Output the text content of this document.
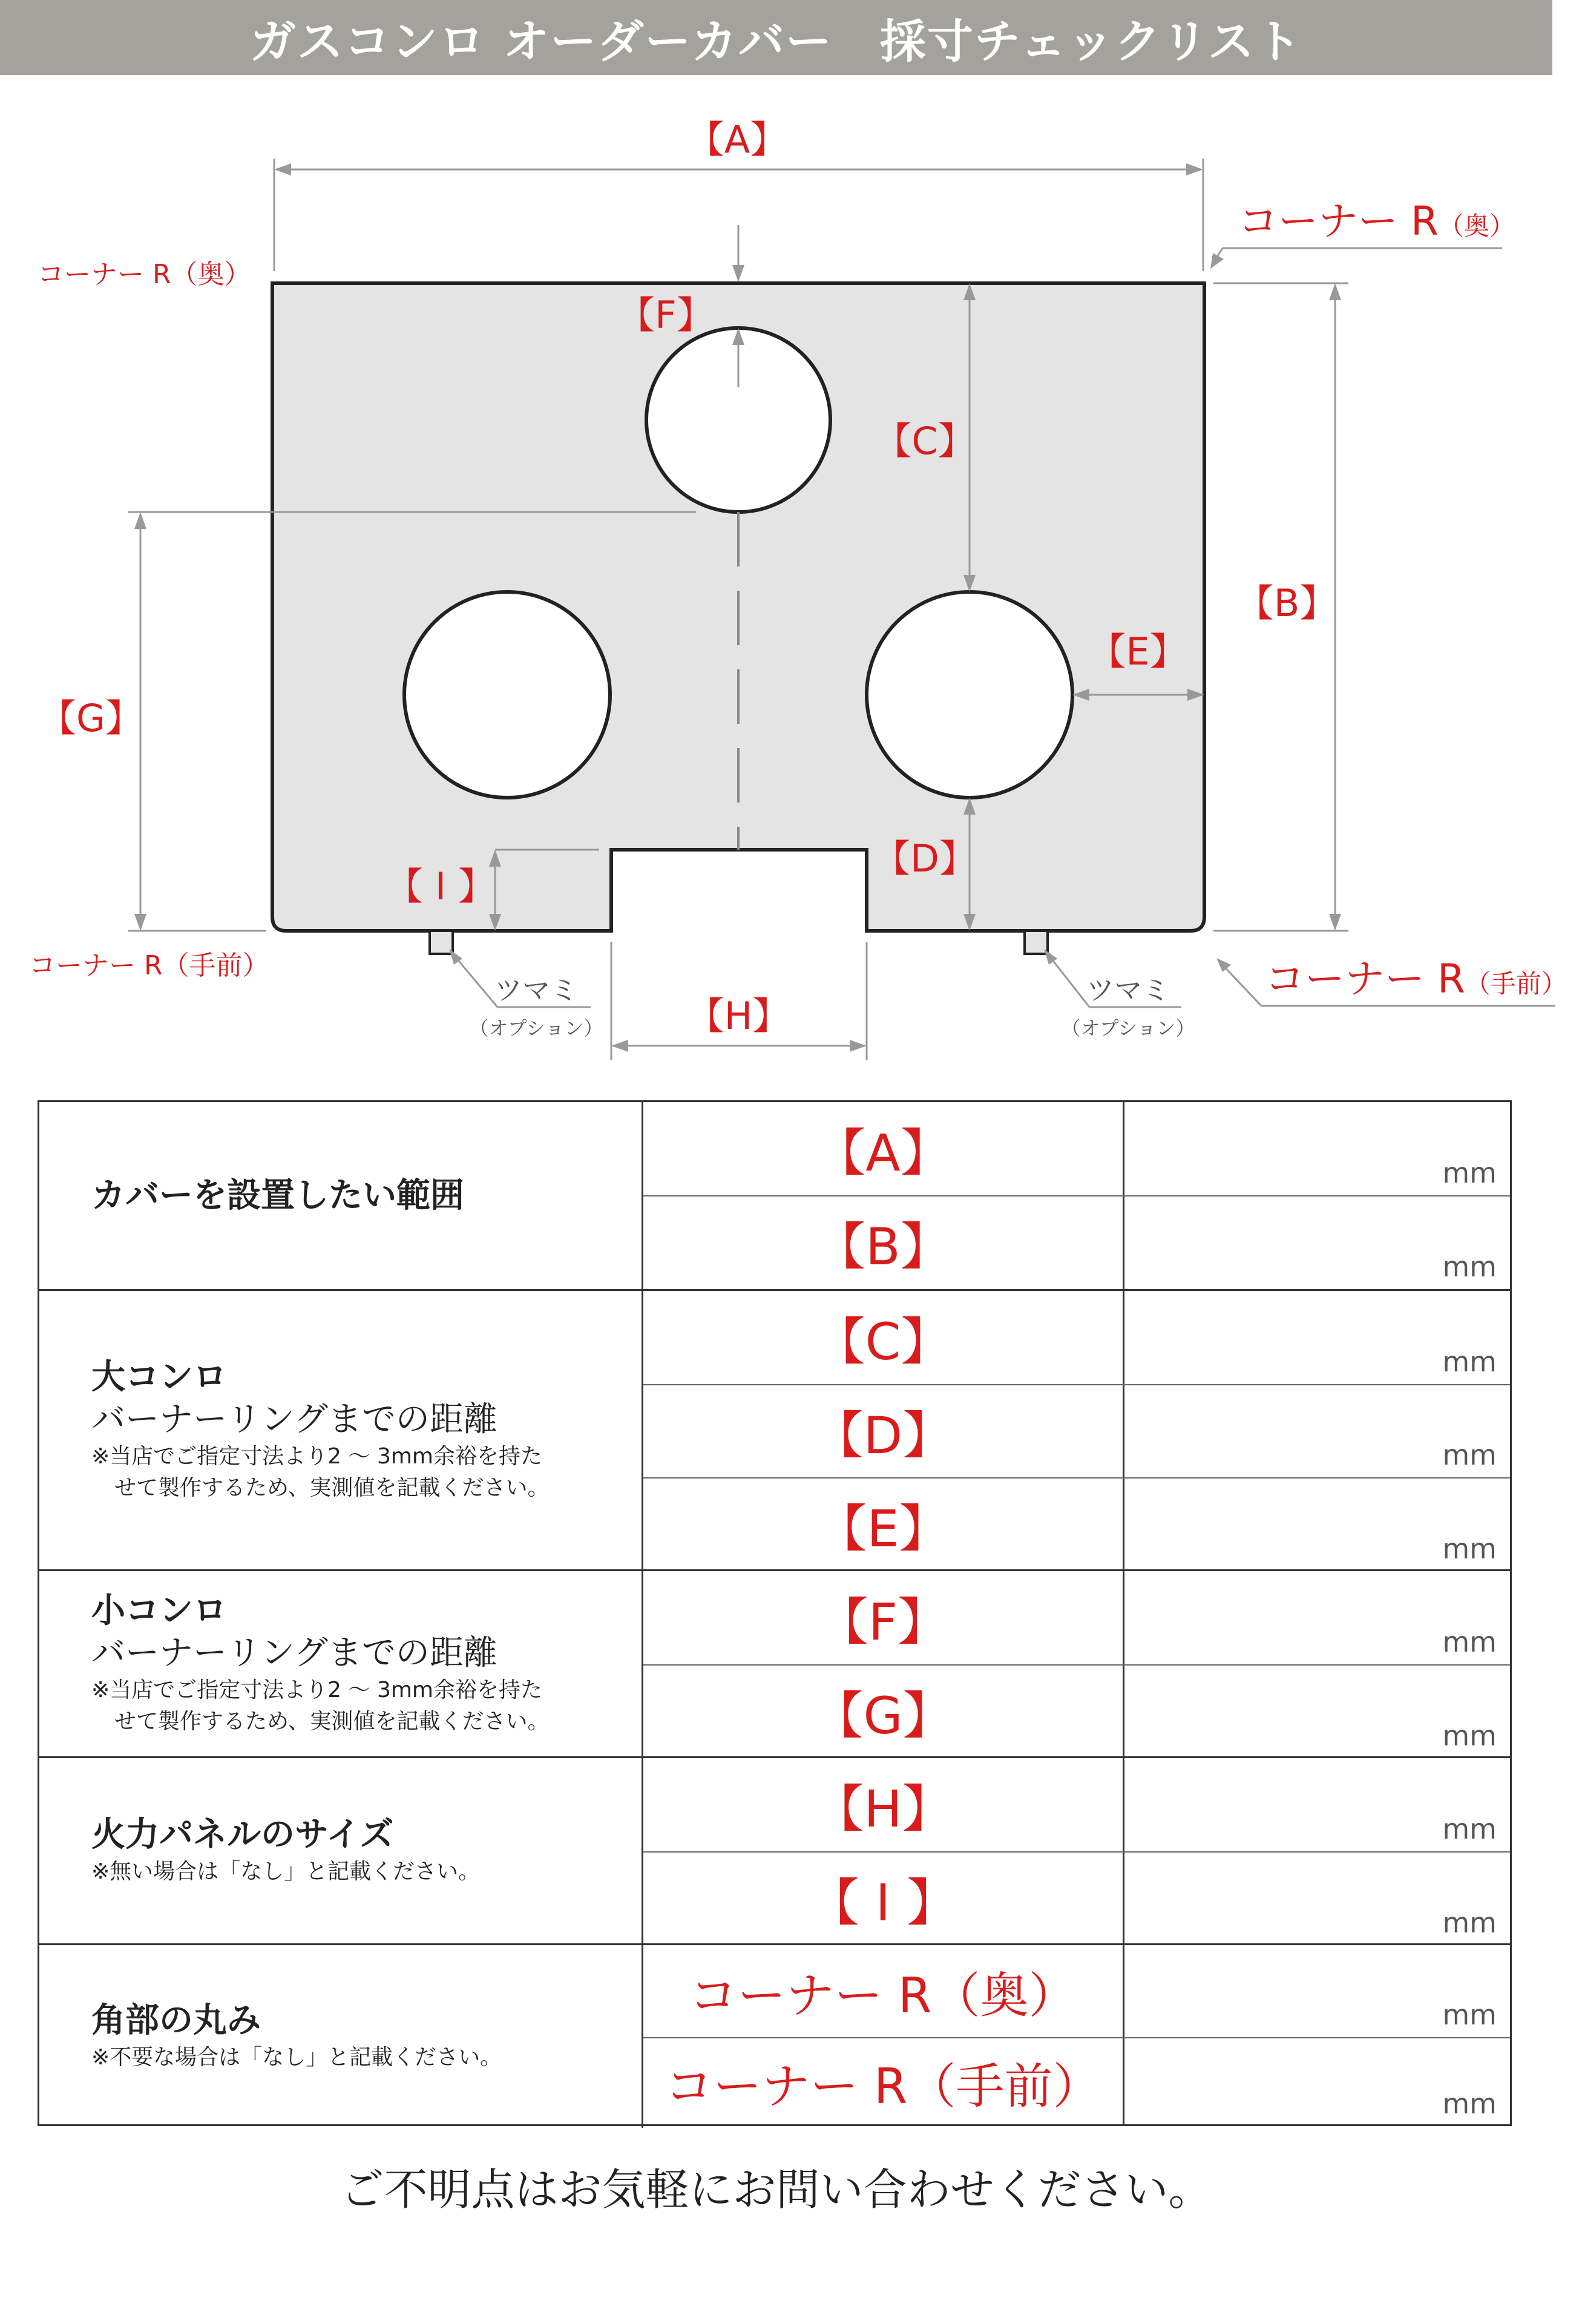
ガスコンロ オーダーカバー　採寸チェックリスト
【A】
【B】
【C】
【D】
【E】
【F】
【G】
【H】
【 I 】
コーナー R（奥）
コーナー R（奥）
コーナー R（手前）	コーナー R（手前）
ツマミ
（オプション）
ツマミ
（オプション）
カバーを設置したい範囲
【A】	mm
【B】	mm
大コンロ
バーナーリングまでの距離
※当店でご指定寸法より2 ～ 3mm余裕を持た
せて製作するため、実測値を記載ください。
【C】	mm
【D】	mm
【E】	mm
小コンロ
バーナーリングまでの距離
※当店でご指定寸法より2 ～ 3mm余裕を持た
せて製作するため、実測値を記載ください。
【F】	mm
【G】	mm
火力パネルのサイズ
※無い場合は「なし」と記載ください。
【H】	mm
【 I 】	mm
角部の丸み
※不要な場合は「なし」と記載ください。
コーナー R（奥）	mm
コーナー R（手前）	mm
ご不明点はお気軽にお問い合わせください。
